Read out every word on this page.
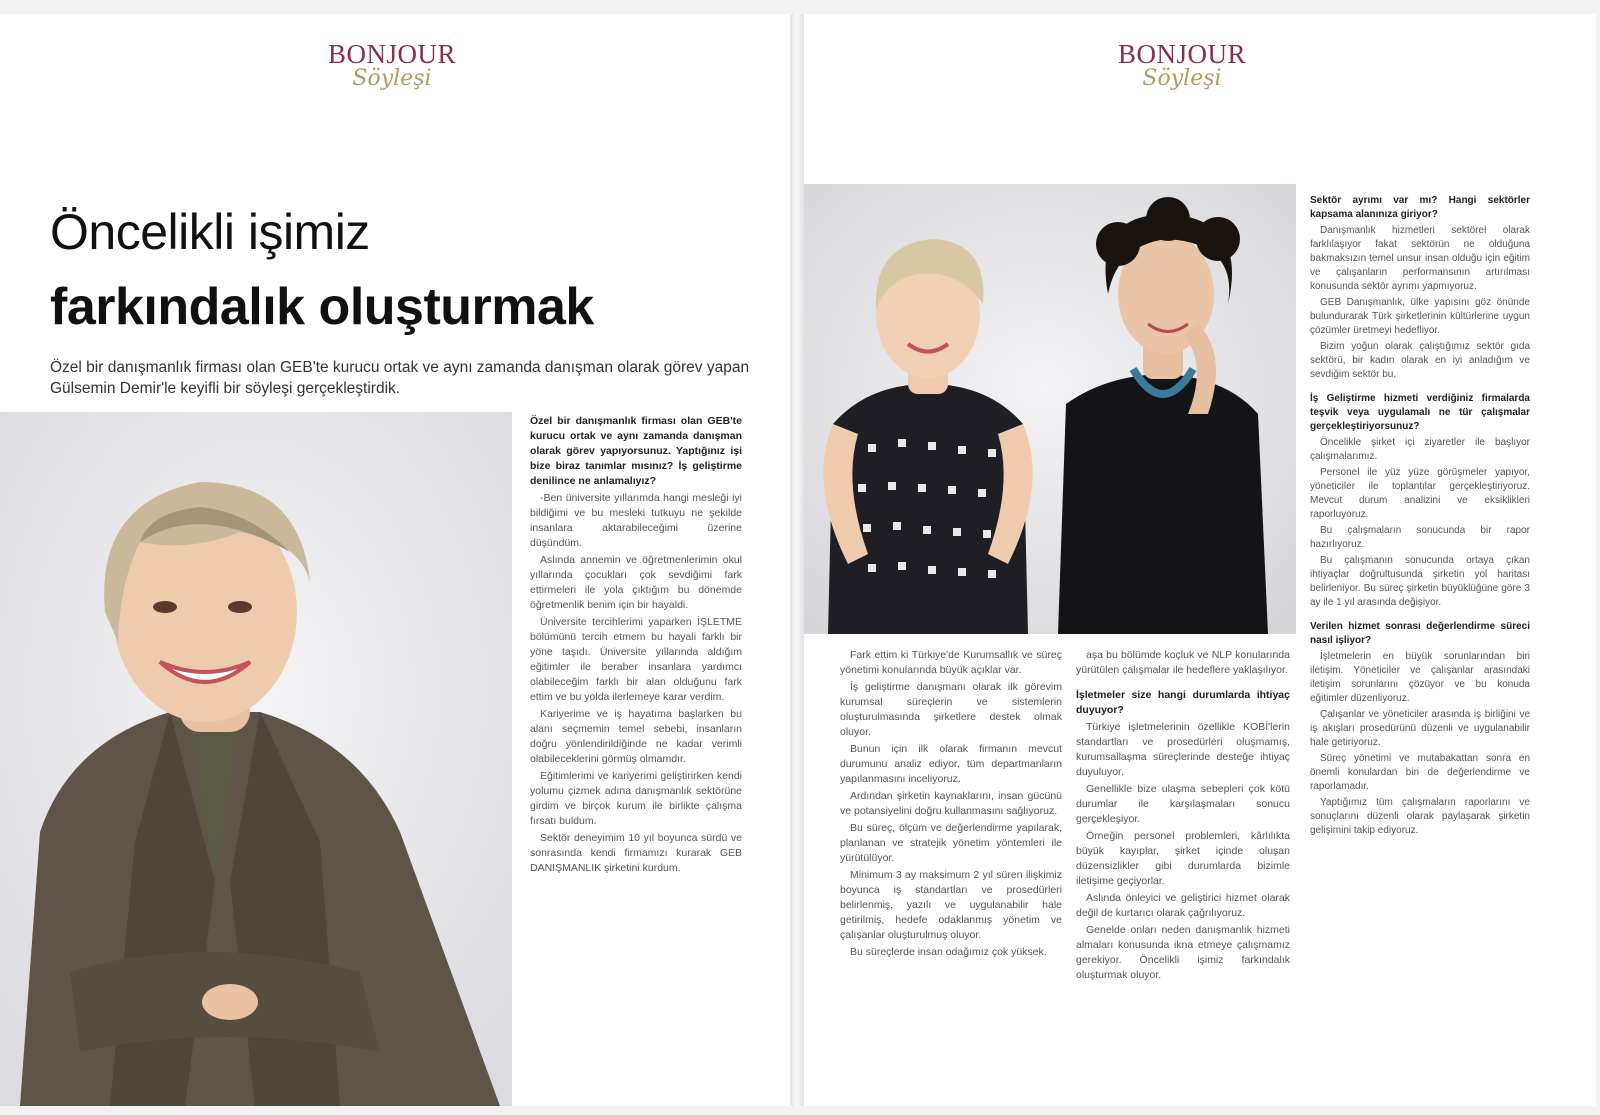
BONJOUR
Söyleşi
Öncelikli işimiz
farkındalık oluşturmak

Özel bir danışmanlık firması olan GEB'te kurucu ortak ve aynı zamanda danışman olarak görev yapan Gülsemin Demir'le keyifli bir söyleşi gerçekleştirdik.

Özel bir danışmanlık firması olan GEB'te kurucu ortak ve aynı zamanda danışman olarak görev yapıyorsunuz. Yaptığınız işi bize biraz tanımlar mısınız? İş geliştirme denilince ne anlamalıyız?

-Ben üniversite yıllarımda hangi mesleği iyi bildiğimi ve bu mesleki tutkuyu ne şekilde insanlara aktarabileceğimi üzerine düşündüm.

Aslında annemin ve öğretmenlerimin okul yıllarında çocukları çok sevdiğimi fark ettirmeleri ile yola çıktığım bu dönemde öğretmenlik benim için bir hayaldi.

Üniversite tercihlerimi yaparken İŞLETME bölümünü tercih etmem bu hayali farklı bir yöne taşıdı. Üniversite yıllarında aldığım eğitimler ile beraber insanlara yardımcı olabileceğim farklı bir alan olduğunu fark ettim ve bu yolda ilerlemeye karar verdim.

Kariyerime ve iş hayatıma başlarken bu alanı seçmemin temel sebebi, insanların doğru yönlendirildiğinde ne kadar verimli olabileceklerini görmüş olmamdır.

Eğitimlerimi ve kariyerimi geliştirirken kendi yolumu çizmek adına danışmanlık sektörüne girdim ve birçok kurum ile birlikte çalışma fırsatı buldum.

Sektör deneyimim 10 yıl boyunca sürdü ve sonrasında kendi firmamızı kurarak GEB DANIŞMANLIK şirketini kurdum.

BONJOUR
Söyleşi

Fark ettim ki Türkiye'de Kurumsallık ve süreç yönetimi konularında büyük açıklar var.

İş geliştirme danışmanı olarak ilk görevim kurumsal süreçlerin ve sistemlerin oluşturulmasında şirketlere destek olmak oluyor.

Bunun için ilk olarak firmanın mevcut durumunu analiz ediyor, tüm departmanların yapılanmasını inceliyoruz.

Ardından şirketin kaynaklarını, insan gücünü ve potansiyelini doğru kullanmasını sağlıyoruz.

Bu süreç, ölçüm ve değerlendirme yapılarak, planlanan ve stratejik yönetim yöntemleri ile yürütülüyor.

Minimum 3 ay maksimum 2 yıl süren ilişkimiz boyunca iş standartları ve prosedürleri belirlenmiş, yazılı ve uygulanabilir hale getirilmiş, hedefe odaklanmış yönetim ve çalışanlar oluşturulmuş oluyor.

Bu süreçlerde insan odağımız çok yüksek.

aşa bu bölümde koçluk ve NLP konularında yürütülen çalışmalar ile hedeflere yaklaşılıyor.

İşletmeler size hangi durumlarda ihtiyaç duyuyor?

Türkiye işletmelerinin özellikle KOBİ'lerin standartları ve prosedürleri oluşmamış, kurumsallaşma süreçlerinde desteğe ihtiyaç duyuluyor.

Genellikle bize ulaşma sebepleri çok kötü durumlar ile karşılaşmaları sonucu gerçekleşiyor.

Örneğin personel problemleri, kârlılıkta büyük kayıplar, şirket içinde oluşan düzensizlikler gibi durumlarda bizimle iletişime geçiyorlar.

Aslında önleyici ve geliştirici hizmet olarak değil de kurtarıcı olarak çağrılıyoruz.

Genelde onları neden danışmanlık hizmeti almaları konusunda ikna etmeye çalışmamız gerekiyor. Öncelikli işimiz farkındalık oluşturmak oluyor.

Sektör ayrımı var mı? Hangi sektörler kapsama alanınıza giriyor?

Danışmanlık hizmetleri sektörel olarak farklılaşıyor fakat sektörün ne olduğuna bakmaksızın temel unsur insan olduğu için eğitim ve çalışanların performansının artırılması konusunda sektör ayrımı yapmıyoruz.

GEB Danışmanlık, ülke yapısını göz önünde bulundurarak Türk şirketlerinin kültürlerine uygun çözümler üretmeyi hedefliyor.

Bizim yoğun olarak çalıştığımız sektör gıda sektörü, bir kadın olarak en iyi anladığım ve sevdiğim sektör bu.

İş Geliştirme hizmeti verdiğiniz firmalarda teşvik veya uygulamalı ne tür çalışmalar gerçekleştiriyorsunuz?

Öncelikle şirket içi ziyaretler ile başlıyor çalışmalarımız.

Personel ile yüz yüze görüşmeler yapıyor, yöneticiler ile toplantılar gerçekleştiriyoruz. Mevcut durum analizini ve eksiklikleri raporluyoruz.

Bu çalışmaların sonucunda bir rapor hazırlıyoruz.

Bu çalışmanın sonucunda ortaya çıkan ihtiyaçlar doğrultusunda şirketin yol haritası belirleniyor. Bu süreç şirketin büyüklüğüne göre 3 ay ile 1 yıl arasında değişiyor.

Verilen hizmet sonrası değerlendirme süreci nasıl işliyor?

İşletmelerin en büyük sorunlarından biri iletişim. Yöneticiler ve çalışanlar arasındaki iletişim sorunlarını çözüyor ve bu konuda eğitimler düzenliyoruz.

Çalışanlar ve yöneticiler arasında iş birliğini ve iş akışları prosedürünü düzenli ve uygulanabilir hale getiriyoruz.

Süreç yönetimi ve mutabakattan sonra en önemli konulardan biri de değerlendirme ve raporlamadır.

Yaptığımız tüm çalışmaların raporlarını ve sonuçlarını düzenli olarak paylaşarak şirketin gelişimini takip ediyoruz.
